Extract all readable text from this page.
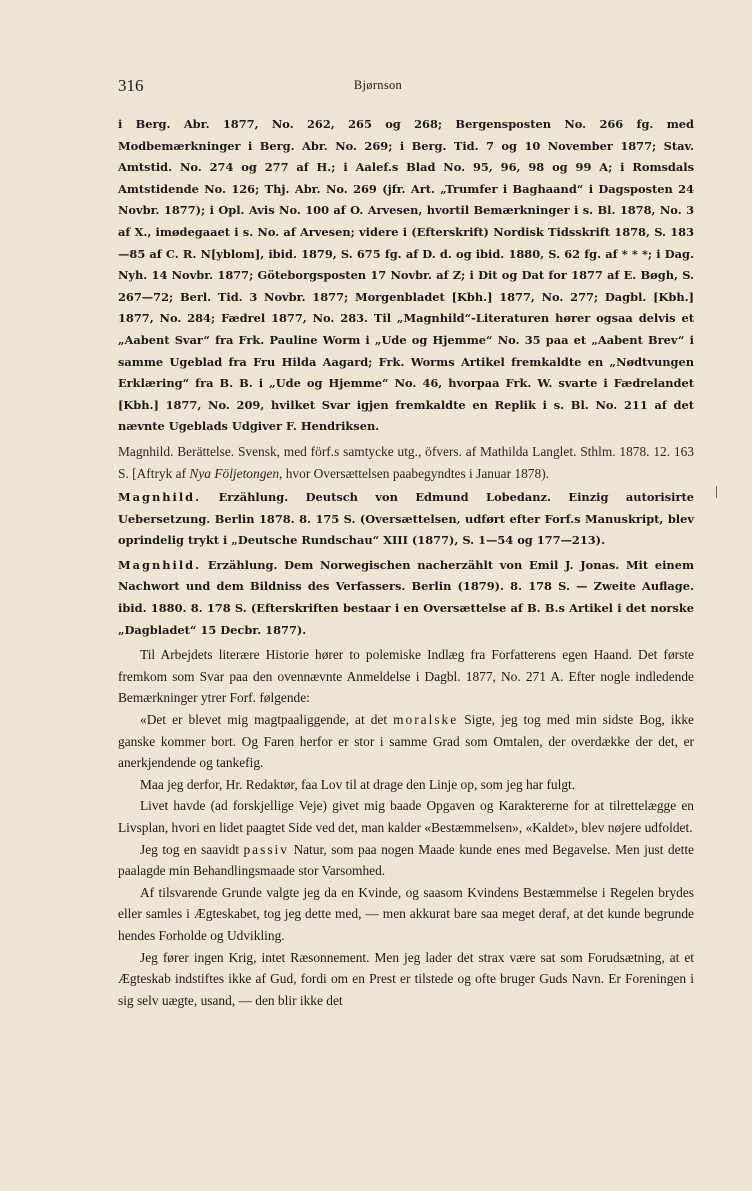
316	Bjørnson

i Berg. Abr. 1877, No. 262, 265 og 268; Bergensposten No. 266 fg. med Modbemærkninger i Berg. Abr. No. 269; i Berg. Tid. 7 og 10 November 1877; Stav. Amtstid. No. 274 og 277 af H.; i Aalef.s Blad No. 95, 96, 98 og 99 A; i Romsdals Amtstidende No. 126; Thj. Abr. No. 269 (jfr. Art. „Trumfer i Baghaand“ i Dagsposten 24 Novbr. 1877); i Opl. Avis No. 100 af O. Arvesen, hvortil Bemærkninger i s. Bl. 1878, No. 3 af X., imødegaaet i s. No. af Arvesen; videre i (Efterskrift) Nordisk Tidsskrift 1878, S. 183—85 af C. R. N[yblom], ibid. 1879, S. 675 fg. af D. d. og ibid. 1880, S. 62 fg. af * * *; i Dag. Nyh. 14 Novbr. 1877; Göteborgsposten 17 Novbr. af Z; i Dit og Dat for 1877 af E. Bøgh, S. 267—72; Berl. Tid. 3 Novbr. 1877; Morgenbladet [Kbh.] 1877, No. 277; Dagbl. [Kbh.] 1877, No. 284; Fædrel 1877, No. 283. Til „Magnhild“-Literaturen hører ogsaa delvis et „Aabent Svar“ fra Frk. Pauline Worm i „Ude og Hjemme“ No. 35 paa et „Aabent Brev“ i samme Ugeblad fra Fru Hilda Aagard; Frk. Worms Artikel fremkaldte en „Nødtvungen Erklæring“ fra B. B. i „Ude og Hjemme“ No. 46, hvorpaa Frk. W. svarte i Fædrelandet [Kbh.] 1877, No. 209, hvilket Svar igjen fremkaldte en Replik i s. Bl. No. 211 af det nævnte Ugeblads Udgiver F. Hendriksen.

Magnhild. Berättelse. Svensk, med förf.s samtycke utg., öfvers. af Mathilda Langlet. Sthlm. 1878. 12. 163 S. [Aftryk af Nya Följetongen, hvor Oversættelsen paabegyndtes i Januar 1878).

Magnhild. Erzählung. Deutsch von Edmund Lobedanz. Einzig autorisirte Uebersetzung. Berlin 1878. 8. 175 S. (Oversættelsen, udført efter Forf.s Manuskript, blev oprindelig trykt i „Deutsche Rundschau“ XIII (1877), S. 1—54 og 177—213).

Magnhild. Erzählung. Dem Norwegischen nacherzählt von Emil J. Jonas. Mit einem Nachwort und dem Bildniss des Verfassers. Berlin (1879). 8. 178 S. — Zweite Auflage. ibid. 1880. 8. 178 S. (Efterskriften bestaar i en Oversættelse af B. B.s Artikel i det norske „Dagbladet“ 15 Decbr. 1877).

Til Arbejdets literære Historie hører to polemiske Indlæg fra Forfatterens egen Haand. Det første fremkom som Svar paa den ovennævnte Anmeldelse i Dagbl. 1877, No. 271 A. Efter nogle indledende Bemærkninger ytrer Forf. følgende:

«Det er blevet mig magtpaaliggende, at det moralske Sigte, jeg tog med min sidste Bog, ikke ganske kommer bort. Og Faren herfor er stor i samme Grad som Omtalen, der overdække der det, er anerkjendende og tankefig.

Maa jeg derfor, Hr. Redaktør, faa Lov til at drage den Linje op, som jeg har fulgt.

Livet havde (ad forskjellige Veje) givet mig baade Opgaven og Karaktererne for at tilrettelægge en Livsplan, hvori en lidet paagtet Side ved det, man kalder «Bestæmmelsen», «Kaldet», blev nøjere udfoldet.

Jeg tog en saavidt passiv Natur, som paa nogen Maade kunde enes med Begavelse. Men just dette paalagde min Behandlingsmaade stor Varsomhed.

Af tilsvarende Grunde valgte jeg da en Kvinde, og saasom Kvindens Bestæmmelse i Regelen brydes eller samles i Ægteskabet, tog jeg dette med, — men akkurat bare saa meget deraf, at det kunde begrunde hendes Forholde og Udvikling.

Jeg fører ingen Krig, intet Ræsonnement. Men jeg lader det strax være sat som Forudsætning, at et Ægteskab indstiftes ikke af Gud, fordi om en Prest er tilstede og ofte bruger Guds Navn. Er Foreningen i sig selv uægte, usand, — den blir ikke det
